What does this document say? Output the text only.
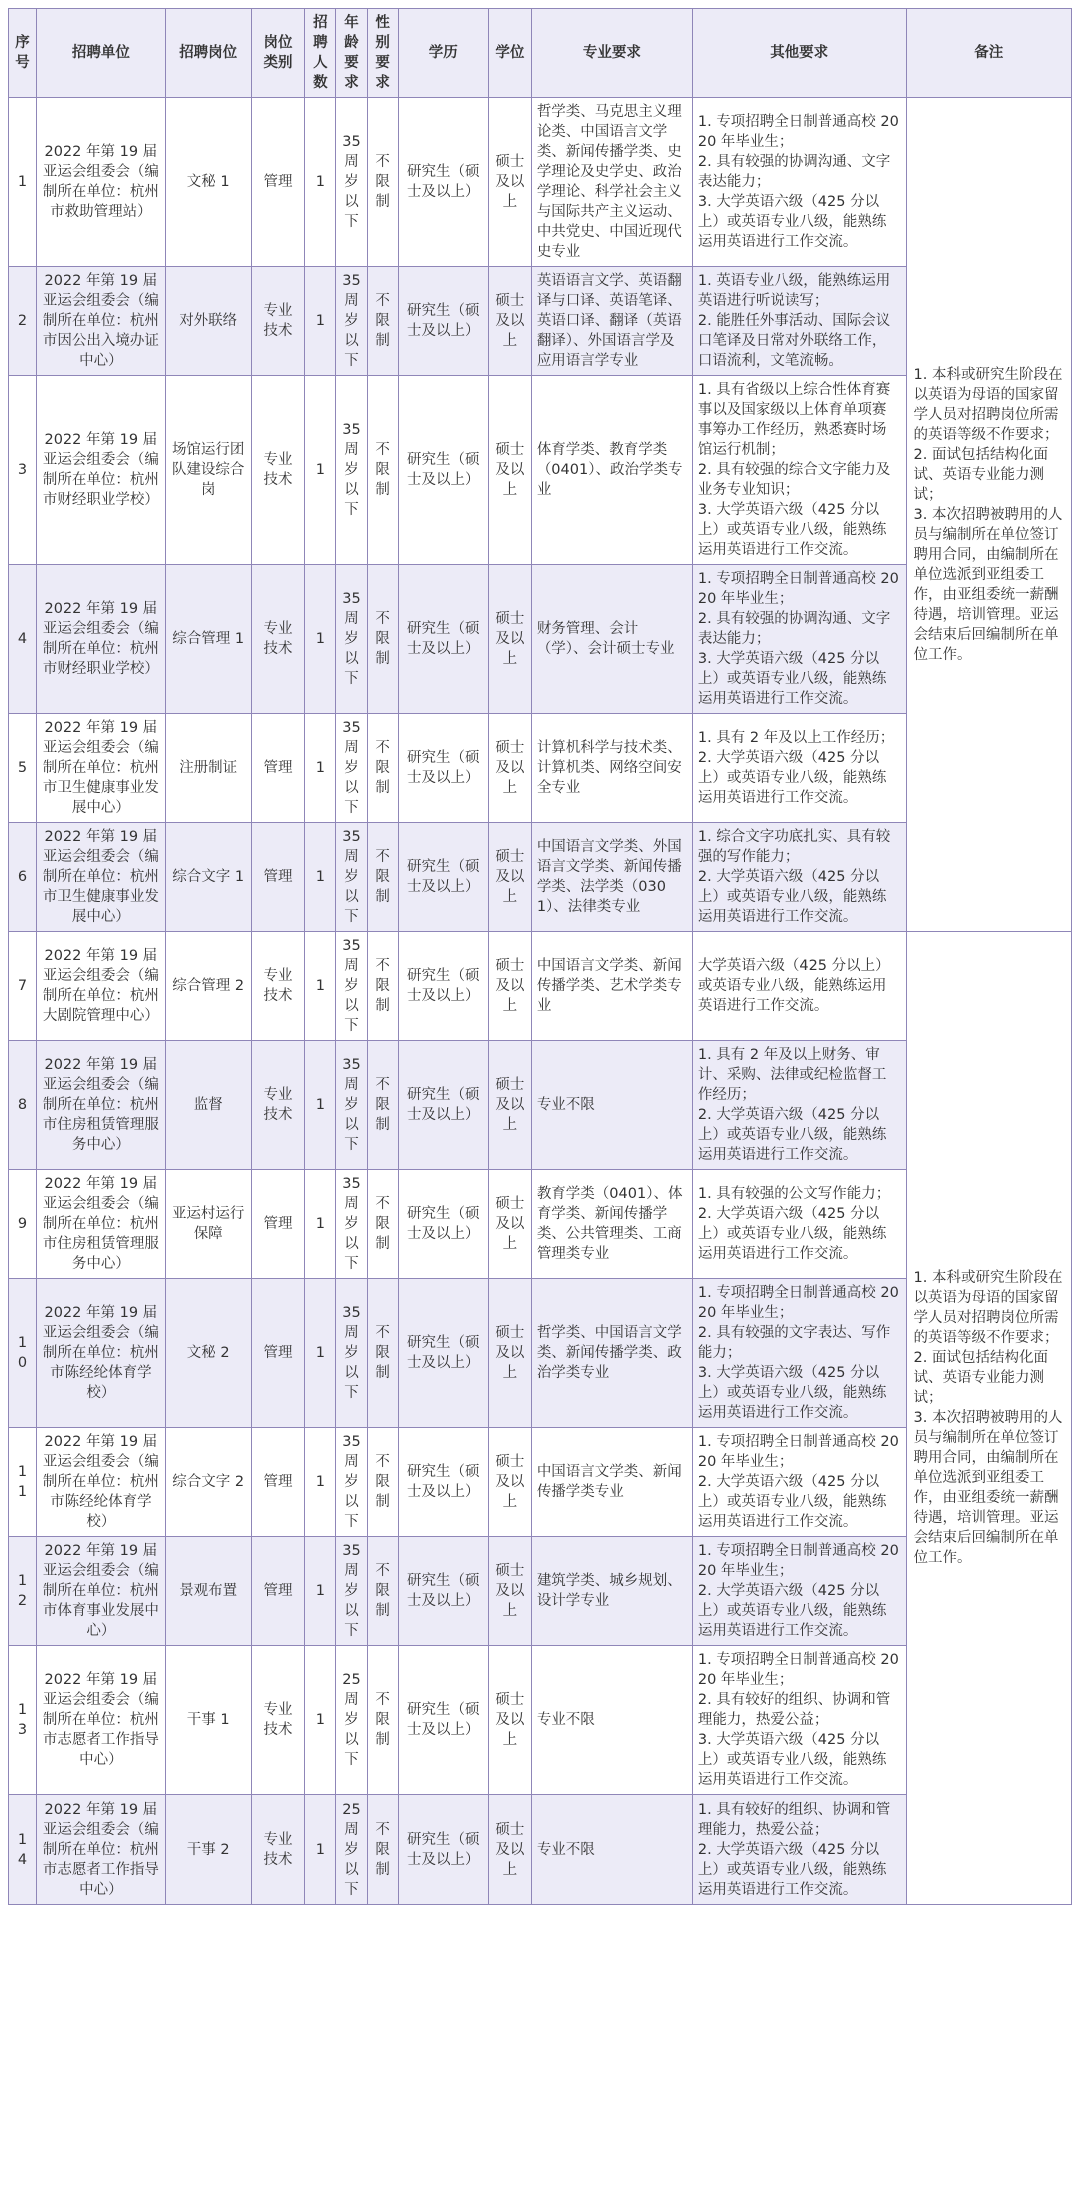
序号	招聘单位	招聘岗位	岗位类别	招聘人数	年龄要求	性别要求	学历	学位	专业要求	其他要求	备注
1	2022 年第 19 届亚运会组委会（编制所在单位：杭州市救助管理站）	文秘 1	管理	1	35 周岁以下	不限制	研究生（硕士及以上）	硕士及以上	哲学类、马克思主义理论类、中国语言文学类、新闻传播学类、史学理论及史学史、政治学理论、科学社会主义与国际共产主义运动、中共党史、中国近现代史专业	1. 专项招聘全日制普通高校 2020 年毕业生；
2. 具有较强的协调沟通、文字表达能力；
3. 大学英语六级（425 分以上）或英语专业八级，能熟练运用英语进行工作交流。	1. 本科或研究生阶段在以英语为母语的国家留学人员对招聘岗位所需的英语等级不作要求；
2. 面试包括结构化面试、英语专业能力测试；
3. 本次招聘被聘用的人员与编制所在单位签订聘用合同，由编制所在单位选派到亚组委工作，由亚组委统一薪酬待遇，培训管理。亚运会结束后回编制所在单位工作。
2	2022 年第 19 届亚运会组委会（编制所在单位：杭州市因公出入境办证中心）	对外联络	专业技术	1	35 周岁以下	不限制	研究生（硕士及以上）	硕士及以上	英语语言文学、英语翻译与口译、英语笔译、英语口译、翻译（英语翻译）、外国语言学及应用语言学专业	1. 英语专业八级，能熟练运用英语进行听说读写；
2. 能胜任外事活动、国际会议口笔译及日常对外联络工作，口语流利，文笔流畅。	
3	2022 年第 19 届亚运会组委会（编制所在单位：杭州市财经职业学校）	场馆运行团队建设综合岗	专业技术	1	35 周岁以下	不限制	研究生（硕士及以上）	硕士及以上	体育学类、教育学类（0401）、政治学类专业	1. 具有省级以上综合性体育赛事以及国家级以上体育单项赛事筹办工作经历，熟悉赛时场馆运行机制；
2. 具有较强的综合文字能力及业务专业知识；
3. 大学英语六级（425 分以上）或英语专业八级，能熟练运用英语进行工作交流。	
4	2022 年第 19 届亚运会组委会（编制所在单位：杭州市财经职业学校）	综合管理 1	专业技术	1	35 周岁以下	不限制	研究生（硕士及以上）	硕士及以上	财务管理、会计（学）、会计硕士专业	1. 专项招聘全日制普通高校 2020 年毕业生；
2. 具有较强的协调沟通、文字表达能力；
3. 大学英语六级（425 分以上）或英语专业八级，能熟练运用英语进行工作交流。	
5	2022 年第 19 届亚运会组委会（编制所在单位：杭州市卫生健康事业发展中心）	注册制证	管理	1	35 周岁以下	不限制	研究生（硕士及以上）	硕士及以上	计算机科学与技术类、计算机类、网络空间安全专业	1. 具有 2 年及以上工作经历；
2. 大学英语六级（425 分以上）或英语专业八级，能熟练运用英语进行工作交流。	
6	2022 年第 19 届亚运会组委会（编制所在单位：杭州市卫生健康事业发展中心）	综合文字 1	管理	1	35 周岁以下	不限制	研究生（硕士及以上）	硕士及以上	中国语言文学类、外国语言文学类、新闻传播学类、法学类（0301）、法律类专业	1. 综合文字功底扎实、具有较强的写作能力；
2. 大学英语六级（425 分以上）或英语专业八级，能熟练运用英语进行工作交流。	
7	2022 年第 19 届亚运会组委会（编制所在单位：杭州大剧院管理中心）	综合管理 2	专业技术	1	35 周岁以下	不限制	研究生（硕士及以上）	硕士及以上	中国语言文学类、新闻传播学类、艺术学类专业	大学英语六级（425 分以上）或英语专业八级，能熟练运用英语进行工作交流。	1. 本科或研究生阶段在以英语为母语的国家留学人员对招聘岗位所需的英语等级不作要求；
2. 面试包括结构化面试、英语专业能力测试；
3. 本次招聘被聘用的人员与编制所在单位签订聘用合同，由编制所在单位选派到亚组委工作，由亚组委统一薪酬待遇，培训管理。亚运会结束后回编制所在单位工作。
8	2022 年第 19 届亚运会组委会（编制所在单位：杭州市住房租赁管理服务中心）	监督	专业技术	1	35 周岁以下	不限制	研究生（硕士及以上）	硕士及以上	专业不限	1. 具有 2 年及以上财务、审计、采购、法律或纪检监督工作经历；
2. 大学英语六级（425 分以上）或英语专业八级，能熟练运用英语进行工作交流。	
9	2022 年第 19 届亚运会组委会（编制所在单位：杭州市住房租赁管理服务中心）	亚运村运行保障	管理	1	35 周岁以下	不限制	研究生（硕士及以上）	硕士及以上	教育学类（0401）、体育学类、新闻传播学类、公共管理类、工商管理类专业	1. 具有较强的公文写作能力；
2. 大学英语六级（425 分以上）或英语专业八级，能熟练运用英语进行工作交流。	
10	2022 年第 19 届亚运会组委会（编制所在单位：杭州市陈经纶体育学校）	文秘 2	管理	1	35 周岁以下	不限制	研究生（硕士及以上）	硕士及以上	哲学类、中国语言文学类、新闻传播学类、政治学类专业	1. 专项招聘全日制普通高校 2020 年毕业生；
2. 具有较强的文字表达、写作能力；
3. 大学英语六级（425 分以上）或英语专业八级，能熟练运用英语进行工作交流。	
11	2022 年第 19 届亚运会组委会（编制所在单位：杭州市陈经纶体育学校）	综合文字 2	管理	1	35 周岁以下	不限制	研究生（硕士及以上）	硕士及以上	中国语言文学类、新闻传播学类专业	1. 专项招聘全日制普通高校 2020 年毕业生；
2. 大学英语六级（425 分以上）或英语专业八级，能熟练运用英语进行工作交流。	
12	2022 年第 19 届亚运会组委会（编制所在单位：杭州市体育事业发展中心）	景观布置	管理	1	35 周岁以下	不限制	研究生（硕士及以上）	硕士及以上	建筑学类、城乡规划、设计学专业	1. 专项招聘全日制普通高校 2020 年毕业生；
2. 大学英语六级（425 分以上）或英语专业八级，能熟练运用英语进行工作交流。	
13	2022 年第 19 届亚运会组委会（编制所在单位：杭州市志愿者工作指导中心）	干事 1	专业技术	1	25 周岁以下	不限制	研究生（硕士及以上）	硕士及以上	专业不限	1. 专项招聘全日制普通高校 2020 年毕业生；
2. 具有较好的组织、协调和管理能力，热爱公益；
3. 大学英语六级（425 分以上）或英语专业八级，能熟练运用英语进行工作交流。	
14	2022 年第 19 届亚运会组委会（编制所在单位：杭州市志愿者工作指导中心）	干事 2	专业技术	1	25 周岁以下	不限制	研究生（硕士及以上）	硕士及以上	专业不限	1. 具有较好的组织、协调和管理能力，热爱公益；
2. 大学英语六级（425 分以上）或英语专业八级，能熟练运用英语进行工作交流。	
